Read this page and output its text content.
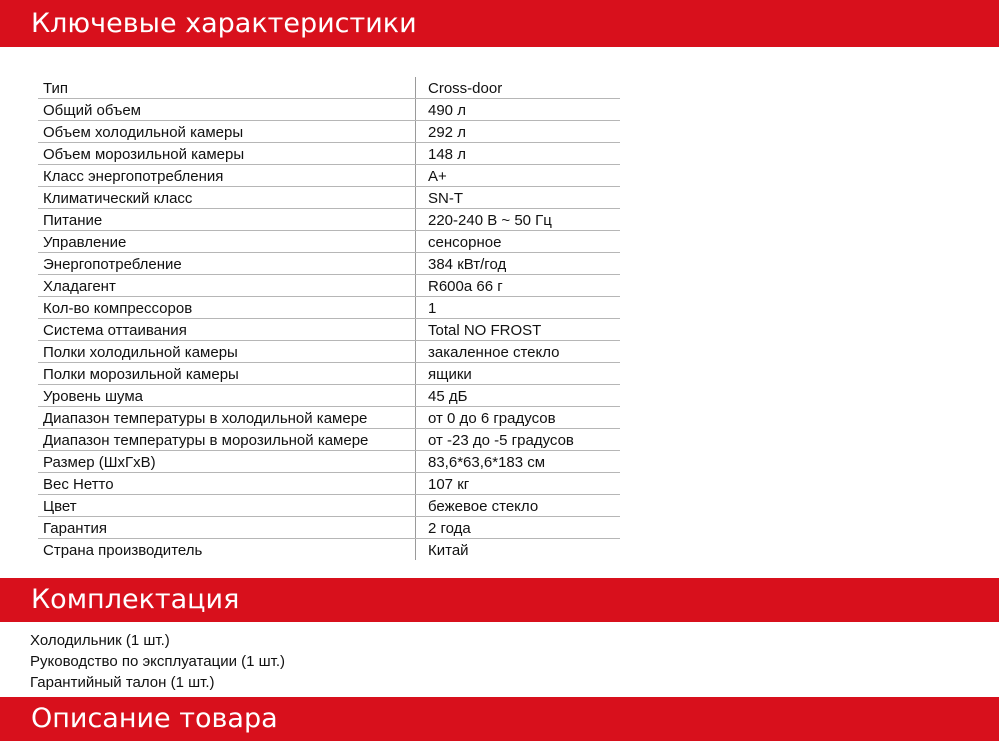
Ключевые характеристики
Тип	Cross-door
Общий объем	490 л
Объем холодильной камеры	292 л
Объем морозильной камеры	148 л
Класс энергопотребления	A+
Климатический класс	SN-T
Питание	220-240 В ~ 50 Гц
Управление	сенсорное
Энергопотребление	384 кВт/год
Хладагент	R600a 66 г
Кол-во компрессоров	1
Система оттаивания	Total NO FROST
Полки холодильной камеры	закаленное стекло
Полки морозильной камеры	ящики
Уровень шума	45 дБ
Диапазон температуры в холодильной камере	от 0 до 6 градусов
Диапазон температуры в морозильной камере	от -23 до -5 градусов
Размер (ШхГхВ)	83,6*63,6*183 см
Вес Нетто	107 кг
Цвет	бежевое стекло
Гарантия	2 года
Страна производитель	Китай
Комплектация
Холодильник (1 шт.)
Руководство по эксплуатации (1 шт.)
Гарантийный талон (1 шт.)
Описание товара
